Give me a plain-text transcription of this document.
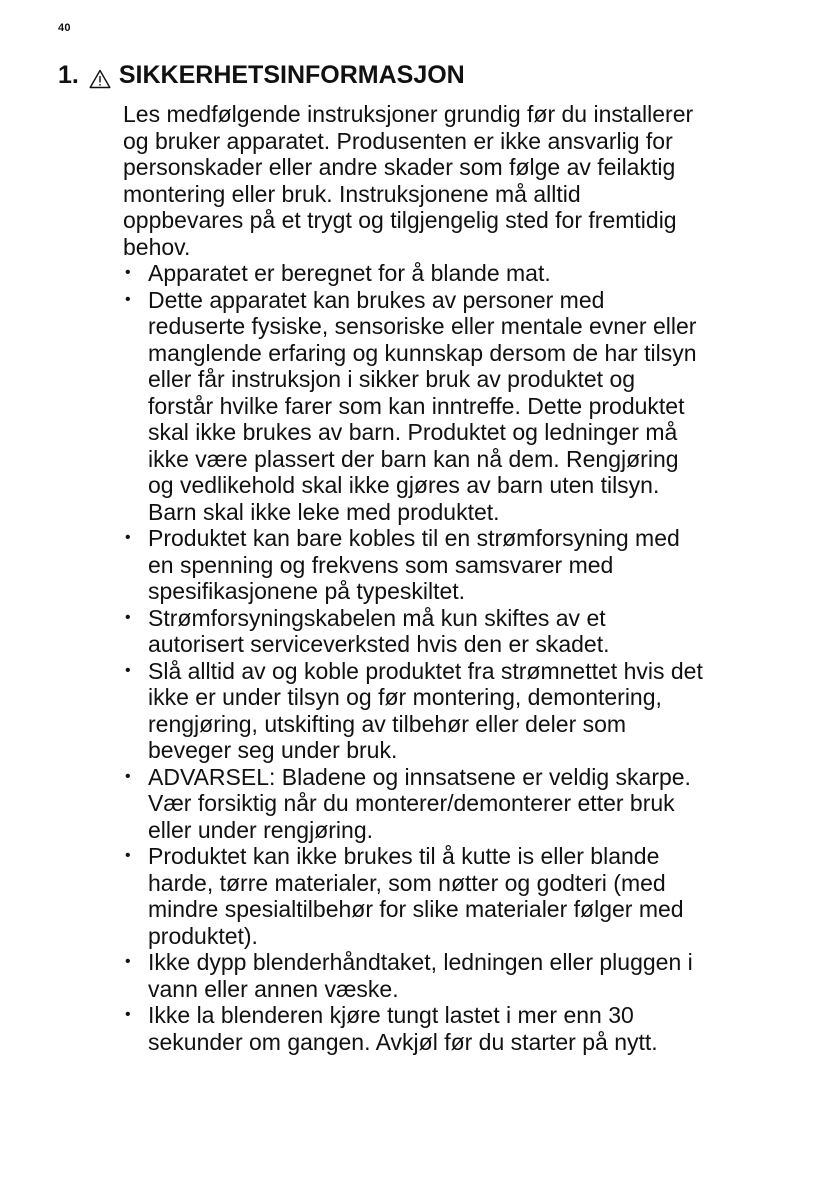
40
1. SIKKERHETSINFORMASJON

Les medfølgende instruksjoner grundig før du installerer
og bruker apparatet. Produsenten er ikke ansvarlig for
personskader eller andre skader som følge av feilaktig
montering eller bruk. Instruksjonene må alltid
oppbevares på et trygt og tilgjengelig sted for fremtidig
behov.

• Apparatet er beregnet for å blande mat.
• Dette apparatet kan brukes av personer med
reduserte fysiske, sensoriske eller mentale evner eller
manglende erfaring og kunnskap dersom de har tilsyn
eller får instruksjon i sikker bruk av produktet og
forstår hvilke farer som kan inntreffe. Dette produktet
skal ikke brukes av barn. Produktet og ledninger må
ikke være plassert der barn kan nå dem. Rengjøring
og vedlikehold skal ikke gjøres av barn uten tilsyn.
Barn skal ikke leke med produktet.
• Produktet kan bare kobles til en strømforsyning med
en spenning og frekvens som samsvarer med
spesifikasjonene på typeskiltet.
• Strømforsyningskabelen må kun skiftes av et
autorisert serviceverksted hvis den er skadet.
• Slå alltid av og koble produktet fra strømnettet hvis det
ikke er under tilsyn og før montering, demontering,
rengjøring, utskifting av tilbehør eller deler som
beveger seg under bruk.
• ADVARSEL: Bladene og innsatsene er veldig skarpe.
Vær forsiktig når du monterer/demonterer etter bruk
eller under rengjøring.
• Produktet kan ikke brukes til å kutte is eller blande
harde, tørre materialer, som nøtter og godteri (med
mindre spesialtilbehør for slike materialer følger med
produktet).
• Ikke dypp blenderhåndtaket, ledningen eller pluggen i
vann eller annen væske.
• Ikke la blenderen kjøre tungt lastet i mer enn 30
sekunder om gangen. Avkjøl før du starter på nytt.
